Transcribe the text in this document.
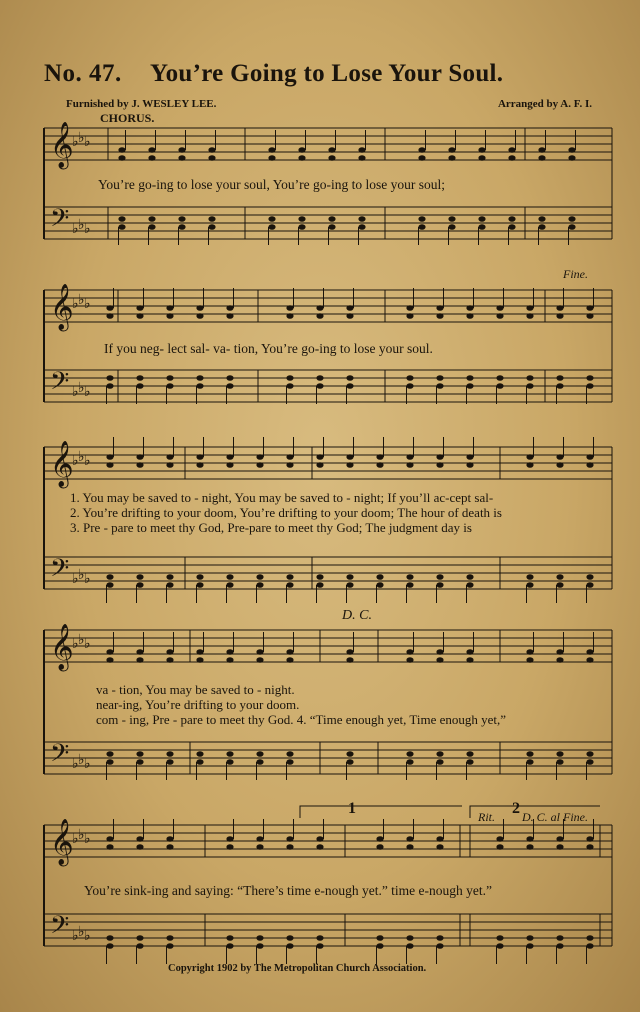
No. 47. You’re Going to Lose Your Soul.
Furnished by J. WESLEY LEE.	Arranged by A. F. I.
𝄞
𝄢
♭
♭
♭
♭
♭
♭
𝄞
𝄢
♭
♭
♭
♭
♭
♭
𝄞
𝄢
♭
♭
♭
♭
♭
♭
𝄞
𝄢
♭
♭
♭
♭
♭
♭
𝄞
𝄢
♭
♭
♭
♭
♭
♭
CHORUS.
Fine.
D. C.
Rit.
1	2 D. C. al Fine.
You’re go-ing to lose your soul, You’re go-ing to lose your soul;
If you neg- lect sal- va- tion, You’re go-ing to lose your soul.
1. You may be saved to - night, You may be saved to - night; If you’ll ac-cept sal-
2. You’re drifting to your doom, You’re drifting to your doom; The hour of death is
3. Pre - pare to meet thy God, Pre-pare to meet thy God; The judgment day is
va - tion, You may be saved to - night.
near-ing, You’re drifting to your doom.
com - ing, Pre - pare to meet thy God. 4. “Time enough yet, Time enough yet,”
You’re sink-ing and saying: “There’s time e-nough yet.” time e-nough yet.”
Copyright 1902 by The Metropolitan Church Association.
